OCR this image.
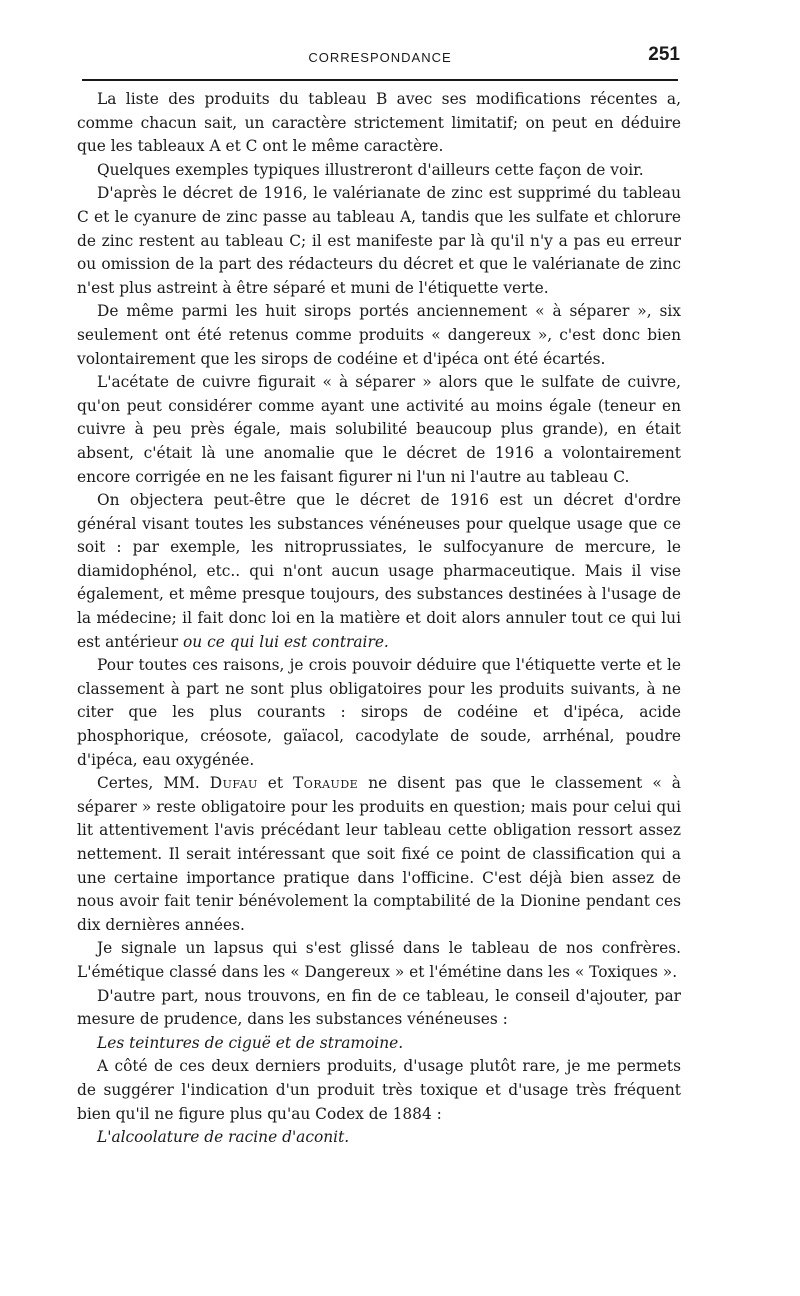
CORRESPONDANCE	251

La liste des produits du tableau B avec ses modifications récentes a, comme chacun sait, un caractère strictement limitatif; on peut en déduire que les tableaux A et C ont le même caractère.

Quelques exemples typiques illustreront d'ailleurs cette façon de voir.

D'après le décret de 1916, le valérianate de zinc est supprimé du tableau C et le cyanure de zinc passe au tableau A, tandis que les sulfate et chlorure de zinc restent au tableau C; il est manifeste par là qu'il n'y a pas eu erreur ou omission de la part des rédacteurs du décret et que le valérianate de zinc n'est plus astreint à être séparé et muni de l'étiquette verte.

De même parmi les huit sirops portés anciennement « à séparer », six seulement ont été retenus comme produits « dangereux », c'est donc bien volontairement que les sirops de codéine et d'ipéca ont été écartés.

L'acétate de cuivre figurait « à séparer » alors que le sulfate de cuivre, qu'on peut considérer comme ayant une activité au moins égale (teneur en cuivre à peu près égale, mais solubilité beaucoup plus grande), en était absent, c'était là une anomalie que le décret de 1916 a volontairement encore corrigée en ne les faisant figurer ni l'un ni l'autre au tableau C.

On objectera peut-être que le décret de 1916 est un décret d'ordre général visant toutes les substances vénéneuses pour quelque usage que ce soit : par exemple, les nitroprussiates, le sulfocyanure de mercure, le diamidophénol, etc.. qui n'ont aucun usage pharmaceutique. Mais il vise également, et même presque toujours, des substances destinées à l'usage de la médecine; il fait donc loi en la matière et doit alors annuler tout ce qui lui est antérieur ou ce qui lui est contraire.

Pour toutes ces raisons, je crois pouvoir déduire que l'étiquette verte et le classement à part ne sont plus obligatoires pour les produits suivants, à ne citer que les plus courants : sirops de codéine et d'ipéca, acide phosphorique, créosote, gaïacol, cacodylate de soude, arrhénal, poudre d'ipéca, eau oxygénée.

Certes, MM. Dufau et Toraude ne disent pas que le classement « à séparer » reste obligatoire pour les produits en question; mais pour celui qui lit attentivement l'avis précédant leur tableau cette obligation ressort assez nettement. Il serait intéressant que soit fixé ce point de classification qui a une certaine importance pratique dans l'officine. C'est déjà bien assez de nous avoir fait tenir bénévolement la comptabilité de la Dionine pendant ces dix dernières années.

Je signale un lapsus qui s'est glissé dans le tableau de nos confrères. L'émétique classé dans les « Dangereux » et l'émétine dans les « Toxiques ».

D'autre part, nous trouvons, en fin de ce tableau, le conseil d'ajouter, par mesure de prudence, dans les substances vénéneuses :

Les teintures de ciguë et de stramoine.

A côté de ces deux derniers produits, d'usage plutôt rare, je me permets de suggérer l'indication d'un produit très toxique et d'usage très fréquent bien qu'il ne figure plus qu'au Codex de 1884 :

L'alcoolature de racine d'aconit.
